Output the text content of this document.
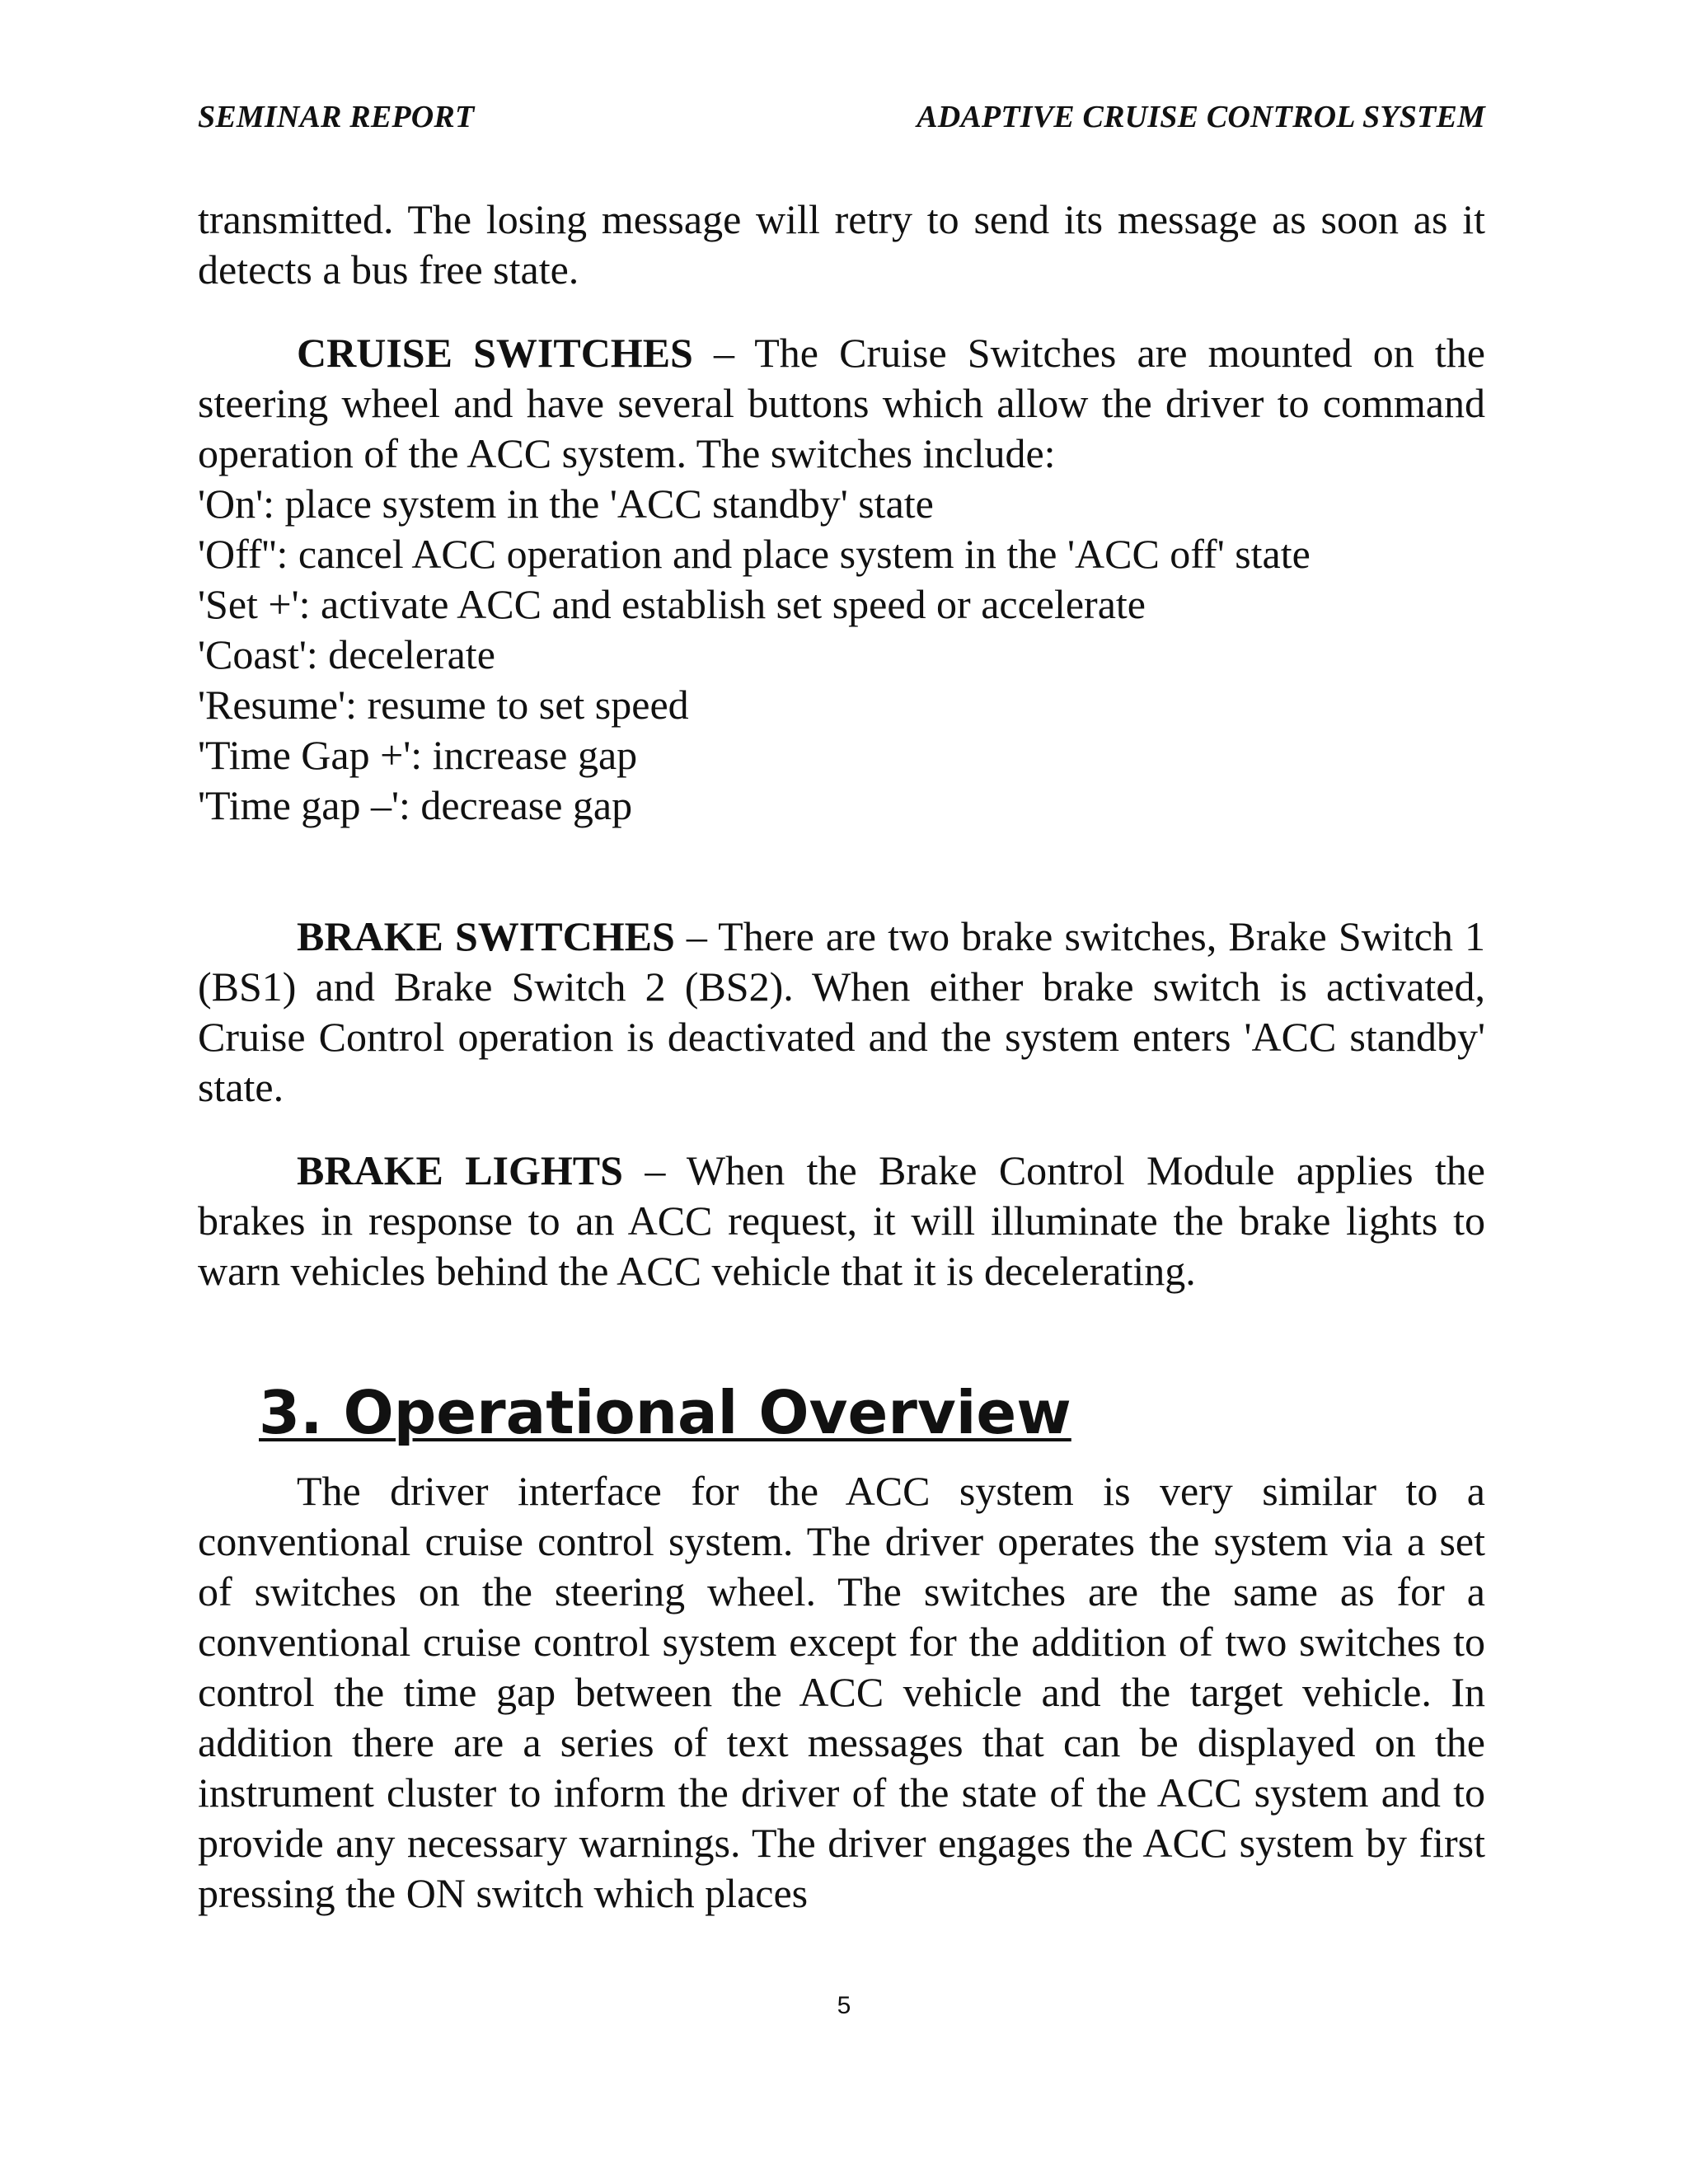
SEMINAR REPORT	ADAPTIVE CRUISE CONTROL SYSTEM

transmitted. The losing message will retry to send its message as soon as it detects a bus free state.

CRUISE SWITCHES – The Cruise Switches are mounted on the steering wheel and have several buttons which allow the driver to command operation of the ACC system. The switches include:

'On': place system in the 'ACC standby' state
'Off'': cancel ACC operation and place system in the 'ACC off' state
'Set +': activate ACC and establish set speed or accelerate
'Coast': decelerate
'Resume': resume to set speed
'Time Gap +': increase gap
'Time gap –': decrease gap

BRAKE SWITCHES – There are two brake switches, Brake Switch 1 (BS1) and Brake Switch 2 (BS2). When either brake switch is activated, Cruise Control operation is deactivated and the system enters 'ACC standby' state.

BRAKE LIGHTS – When the Brake Control Module applies the brakes in response to an ACC request, it will illuminate the brake lights to warn vehicles behind the ACC vehicle that it is decelerating.

3. Operational Overview

The driver interface for the ACC system is very similar to a conventional cruise control system. The driver operates the system via a set of switches on the steering wheel. The switches are the same as for a conventional cruise control system except for the addition of two switches to control the time gap between the ACC vehicle and the target vehicle. In addition there are a series of text messages that can be displayed on the instrument cluster to inform the driver of the state of the ACC system and to provide any necessary warnings. The driver engages the ACC system by first pressing the ON switch which places

5
